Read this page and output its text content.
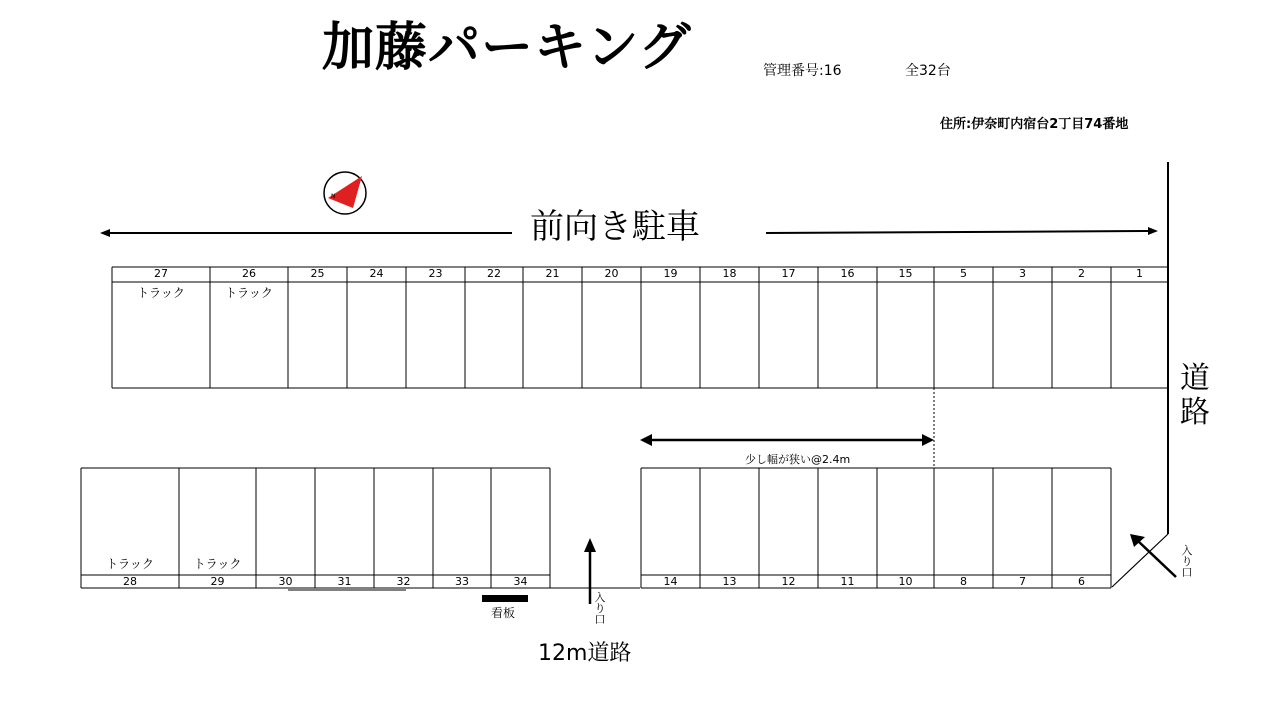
加藤パーキング	管理番号:16	全32台
住所:伊奈町内宿台2丁目74番地
N
前向き駐車
道
路
少し幅が狭い@2.4m
看板
12m道路
入
り
口
入
り
口
27
トラック
26
トラック
25	24	23	22	21	20	19	18	17	16	15	5	3	2	1
28
トラック
29
トラック
30	31	32	33	34	14	13	12	11	10	8	7	6
